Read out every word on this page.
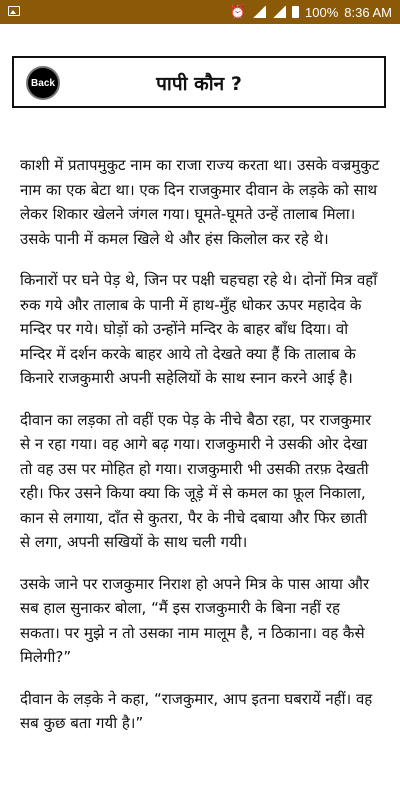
⏰	100% 8:36 AM
Back	पापी कौन ?

काशी में प्रतापमुकुट नाम का राजा राज्य करता था। उसके वज्रमुकुट नाम का एक बेटा था। एक दिन राजकुमार दीवान के लड़के को साथ लेकर शिकार खेलने जंगल गया। घूमते-घूमते उन्हें तालाब मिला। उसके पानी में कमल खिले थे और हंस किलोल कर रहे थे।

किनारों पर घने पेड़ थे, जिन पर पक्षी चहचहा रहे थे। दोनों मित्र वहाँ रुक गये और तालाब के पानी में हाथ-मुँह धोकर ऊपर महादेव के मन्दिर पर गये। घोड़ों को उन्होंने मन्दिर के बाहर बाँध दिया। वो मन्दिर में दर्शन करके बाहर आये तो देखते क्या हैं कि तालाब के किनारे राजकुमारी अपनी सहेलियों के साथ स्नान करने आई है।

दीवान का लड़का तो वहीं एक पेड़ के नीचे बैठा रहा, पर राजकुमार से न रहा गया। वह आगे बढ़ गया। राजकुमारी ने उसकी ओर देखा तो वह उस पर मोहित हो गया। राजकुमारी भी उसकी तरफ़ देखती रही। फिर उसने किया क्या कि जूड़े में से कमल का फ़ूल निकाला, कान से लगाया, दाँत से कुतरा, पैर के नीचे दबाया और फिर छाती से लगा, अपनी सखियों के साथ चली गयी।

उसके जाने पर राजकुमार निराश हो अपने मित्र के पास आया और सब हाल सुनाकर बोला, “मैं इस राजकुमारी के बिना नहीं रह सकता। पर मुझे न तो उसका नाम मालूम है, न ठिकाना। वह कैसे मिलेगी?”

दीवान के लड़के ने कहा, “राजकुमार, आप इतना घबरायें नहीं। वह सब कुछ बता गयी है।”
